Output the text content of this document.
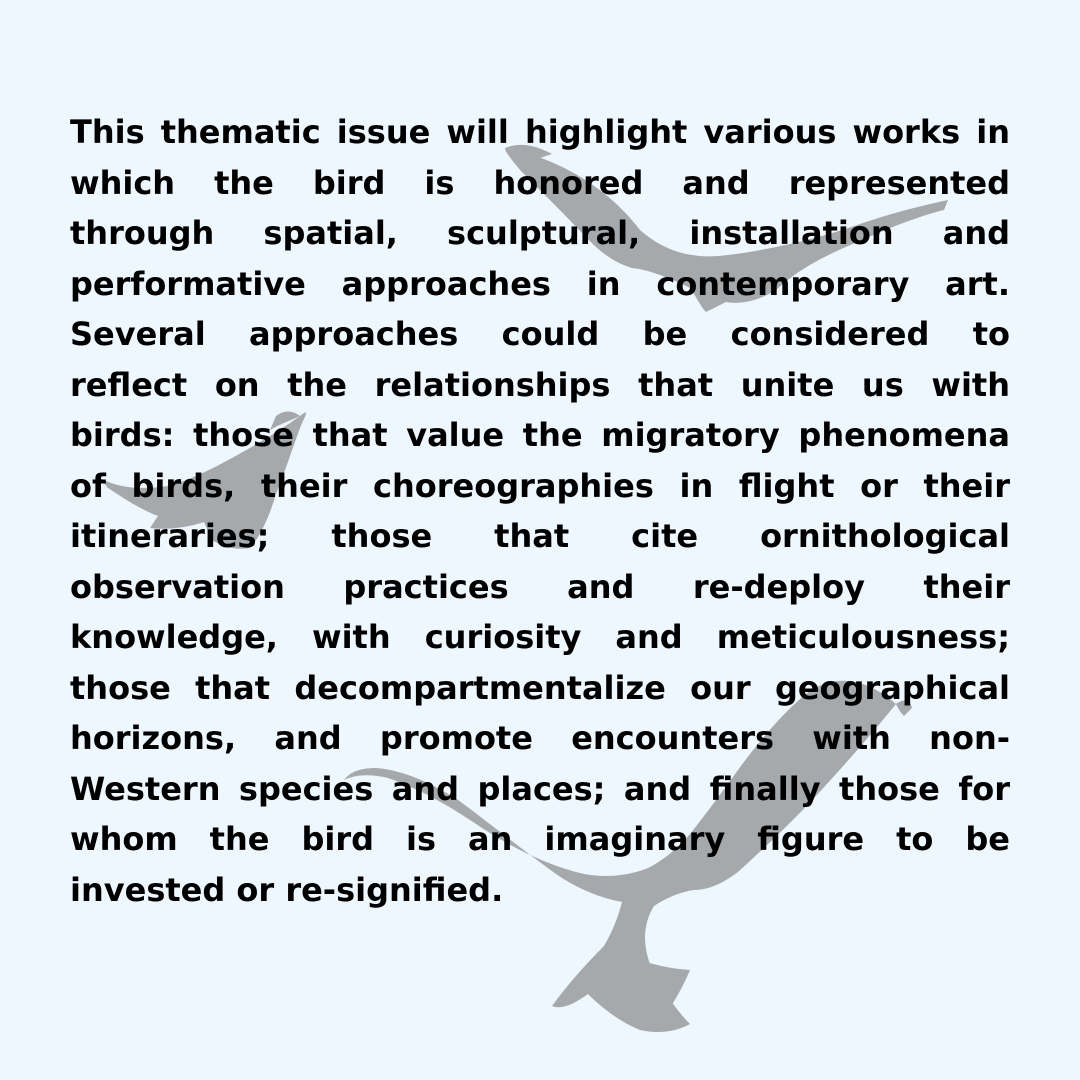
This thematic issue will highlight various works in

which the bird is honored and represented

through spatial, sculptural, installation and

performative approaches in contemporary art.

Several approaches could be considered to

reflect on the relationships that unite us with

birds: those that value the migratory phenomena

of birds, their choreographies in flight or their

itineraries; those that cite ornithological

observation practices and re-deploy their

knowledge, with curiosity and meticulousness;

those that decompartmentalize our geographical

horizons, and promote encounters with non-

Western species and places; and finally those for

whom the bird is an imaginary figure to be

invested or re-signified.
